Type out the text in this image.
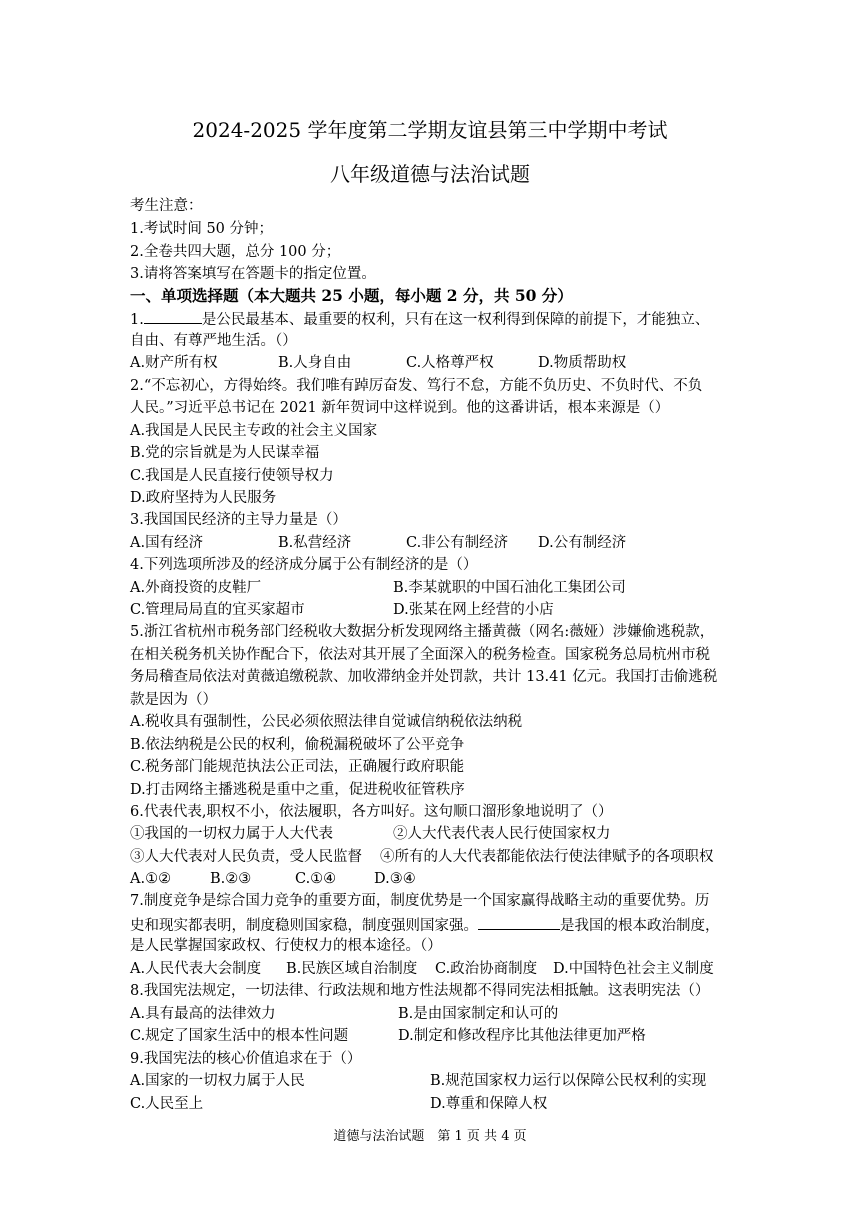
2024-2025 学年度第二学期友谊县第三中学期中考试
八年级道德与法治试题
考生注意：
1.考试时间 50 分钟；
2.全卷共四大题，总分 100 分；
3.请将答案填写在答题卡的指定位置。
一、单项选择题（本大题共 25 小题，每小题 2 分，共 50 分）
1.	是公民最基本、最重要的权利，只有在这一权利得到保障的前提下，才能独立、
自由、有尊严地生活。（）
A.财产所有权	B.人身自由	C.人格尊严权	D.物质帮助权
2.“不忘初心，方得始终。我们唯有踔厉奋发、笃行不怠，方能不负历史、不负时代、不负
人民。”习近平总书记在 2021 新年贺词中这样说到。他的这番讲话，根本来源是（）
A.我国是人民民主专政的社会主义国家
B.党的宗旨就是为人民谋幸福
C.我国是人民直接行使领导权力
D.政府坚持为人民服务
3.我国国民经济的主导力量是（）
A.国有经济	B.私营经济	C.非公有制经济 D.公有制经济
4.下列选项所涉及的经济成分属于公有制经济的是（）
A.外商投资的皮鞋厂	B.李某就职的中国石油化工集团公司
C.管理局局直的宜买家超市	D.张某在网上经营的小店
5.浙江省杭州市税务部门经税收大数据分析发现网络主播黄薇（网名:薇娅）涉嫌偷逃税款，
在相关税务机关协作配合下，依法对其开展了全面深入的税务检查。国家税务总局杭州市税
务局稽查局依法对黄薇追缴税款、加收滞纳金并处罚款，共计 13.41 亿元。我国打击偷逃税
款是因为（）
A.税收具有强制性，公民必须依照法律自觉诚信纳税依法纳税
B.依法纳税是公民的权利，偷税漏税破坏了公平竞争
C.税务部门能规范执法公正司法，正确履行政府职能
D.打击网络主播逃税是重中之重，促进税收征管秩序
6.代表代表,职权不小，依法履职，各方叫好。这句顺口溜形象地说明了（）
①我国的一切权力属于人大代表	②人大代表代表人民行使国家权力
③人大代表对人民负责，受人民监督 ④所有的人大代表都能依法行使法律赋予的各项职权
A.①②	B.②③	C.①④	D.③④
7.制度竞争是综合国力竞争的重要方面，制度优势是一个国家赢得战略主动的重要优势。历
史和现实都表明，制度稳则国家稳，制度强则国家强。	是我国的根本政治制度，
是人民掌握国家政权、行使权力的根本途径。（）
A.人民代表大会制度 B.民族区域自治制度 C.政治协商制度 D.中国特色社会主义制度
8.我国宪法规定，一切法律、行政法规和地方性法规都不得同宪法相抵触。这表明宪法（）
A.具有最高的法律效力	B.是由国家制定和认可的
C.规定了国家生活中的根本性问题	D.制定和修改程序比其他法律更加严格
9.我国宪法的核心价值追求在于（）
A.国家的一切权力属于人民	B.规范国家权力运行以保障公民权利的实现
C.人民至上	D.尊重和保障人权
道德与法治试题　第 1 页 共 4 页
